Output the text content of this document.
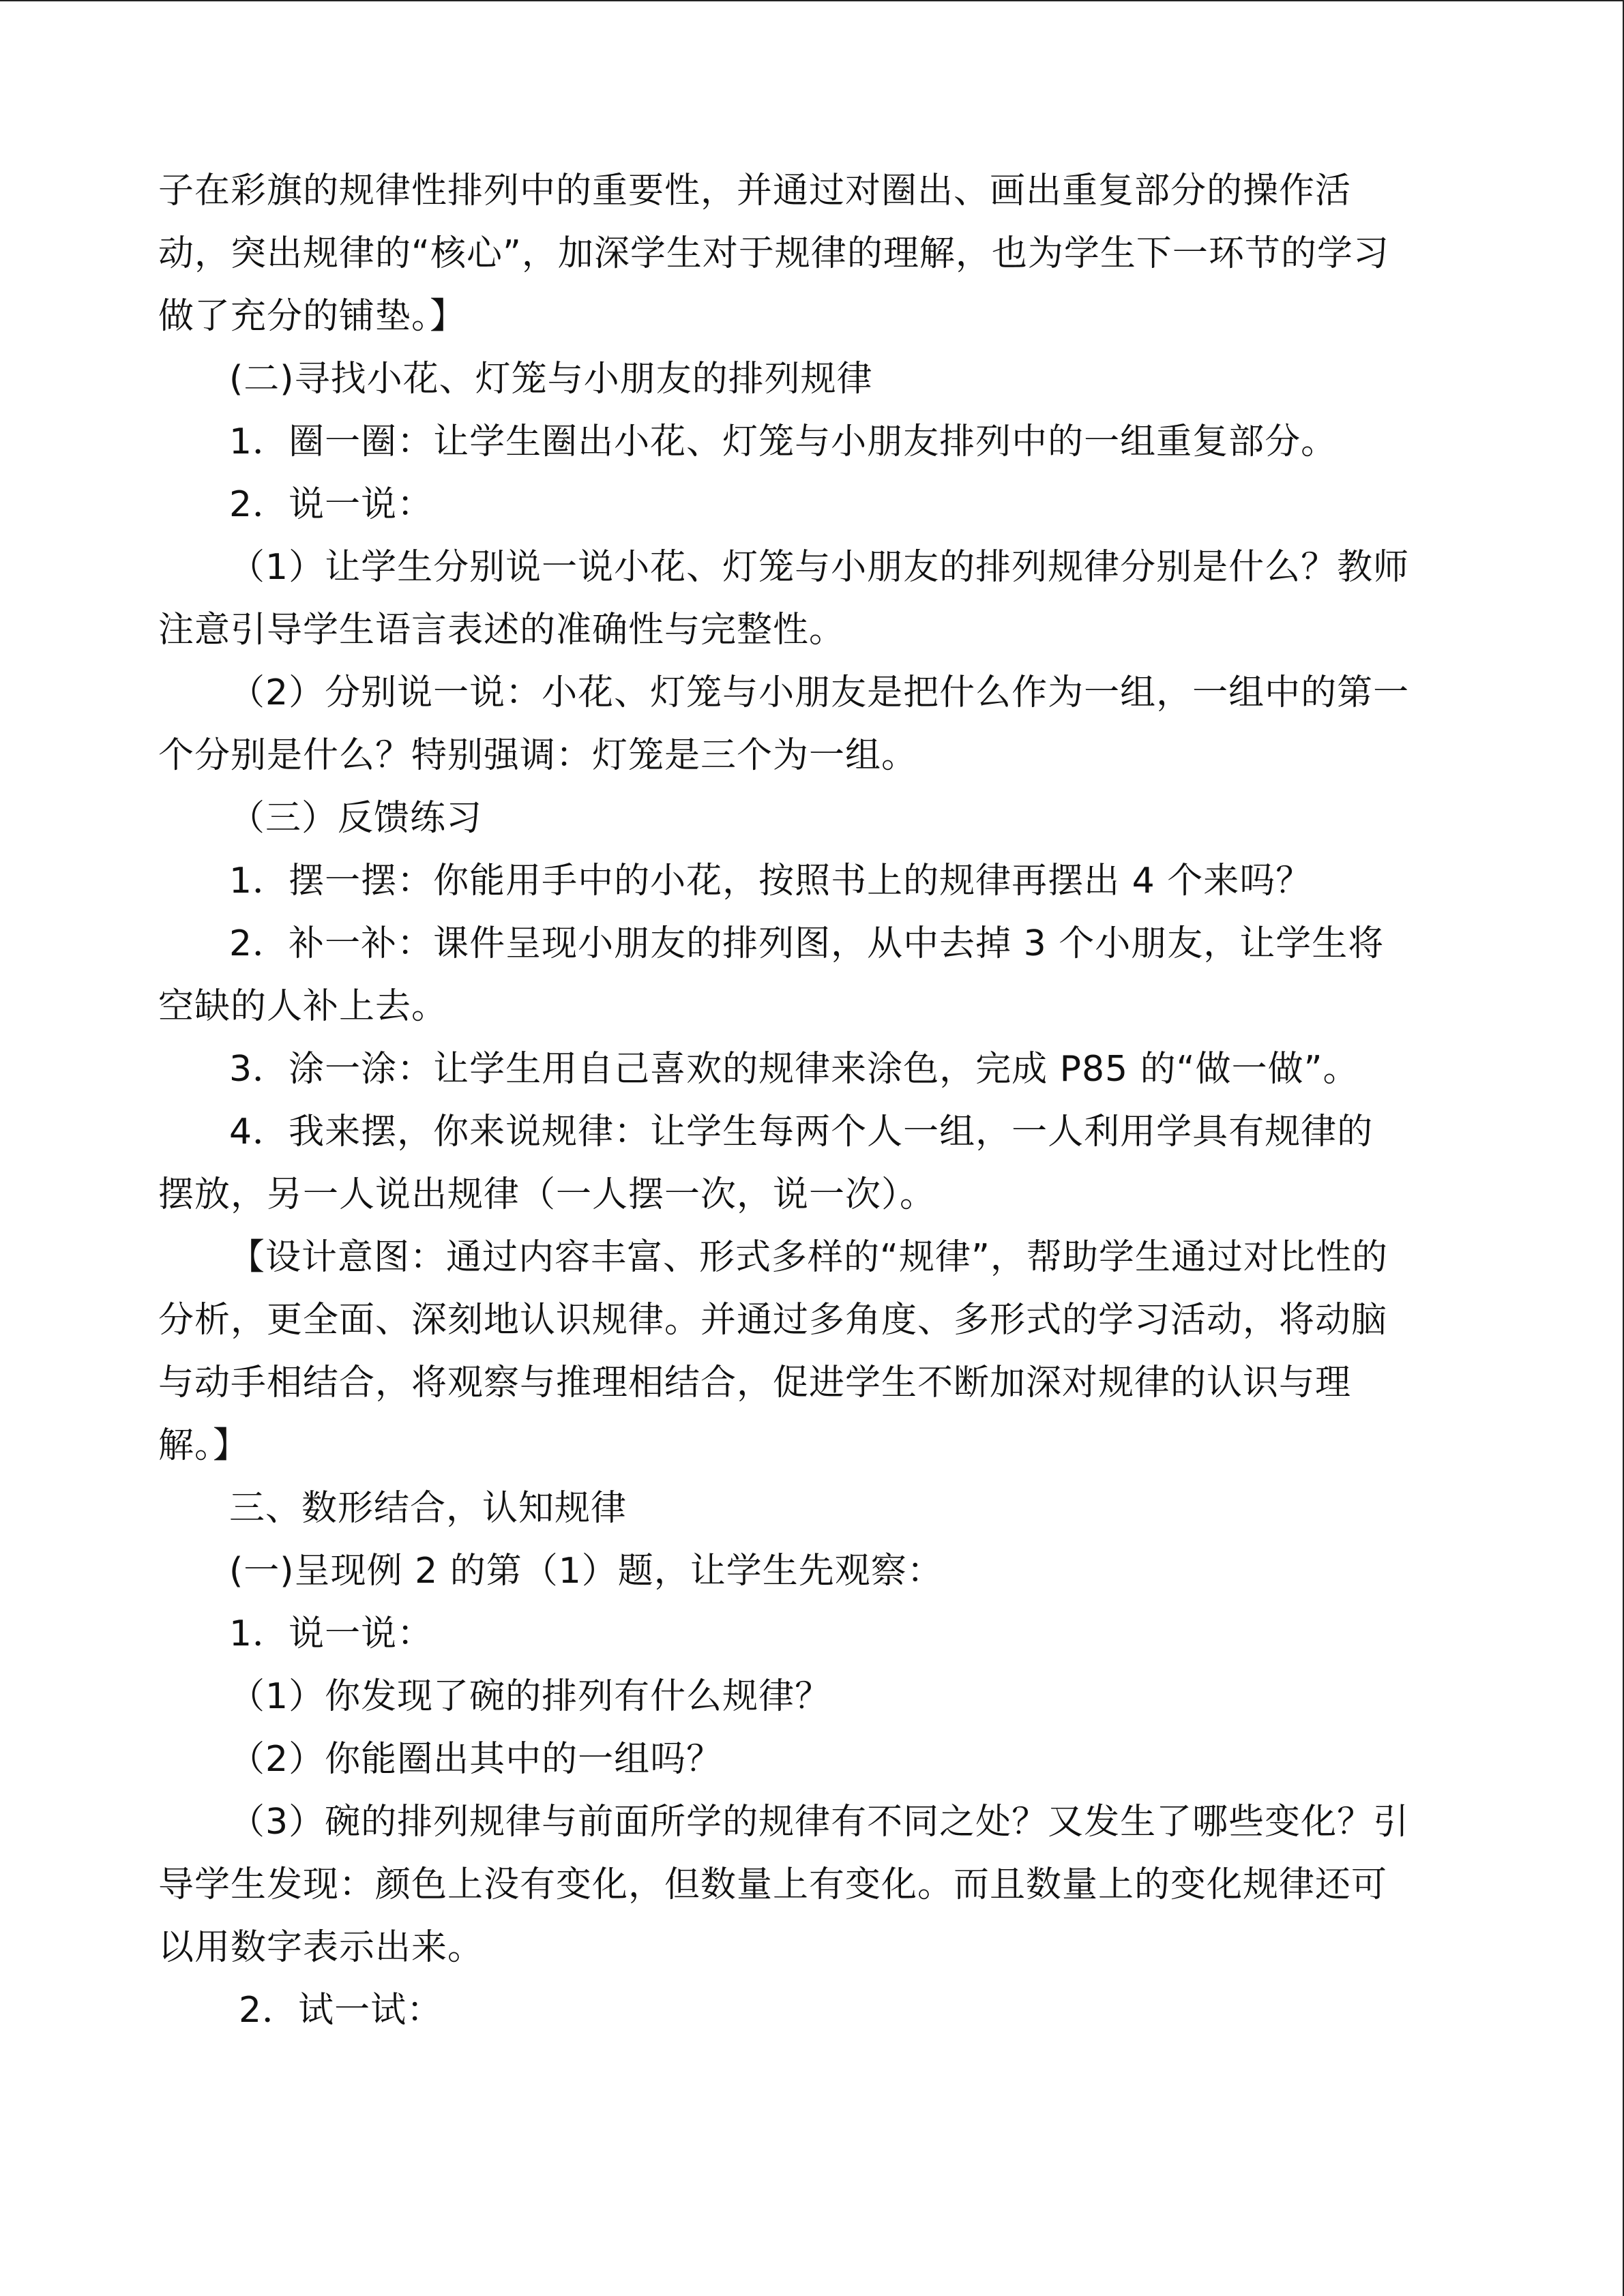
子在彩旗的规律性排列中的重要性，并通过对圈出、画出重复部分的操作活

动，突出规律的“核心”，加深学生对于规律的理解，也为学生下一环节的学习

做了充分的铺垫。】

(二)寻找小花、灯笼与小朋友的排列规律

1．圈一圈：让学生圈出小花、灯笼与小朋友排列中的一组重复部分。

2．说一说：

（1）让学生分别说一说小花、灯笼与小朋友的排列规律分别是什么？教师

注意引导学生语言表述的准确性与完整性。

（2）分别说一说：小花、灯笼与小朋友是把什么作为一组，一组中的第一

个分别是什么？特别强调：灯笼是三个为一组。

（三）反馈练习

1．摆一摆：你能用手中的小花，按照书上的规律再摆出 4 个来吗？

2．补一补：课件呈现小朋友的排列图，从中去掉 3 个小朋友，让学生将

空缺的人补上去。

3．涂一涂：让学生用自己喜欢的规律来涂色，完成 P85 的“做一做”。

4．我来摆，你来说规律：让学生每两个人一组，一人利用学具有规律的

摆放，另一人说出规律（一人摆一次，说一次）。

【设计意图：通过内容丰富、形式多样的“规律”，帮助学生通过对比性的

分析，更全面、深刻地认识规律。并通过多角度、多形式的学习活动，将动脑

与动手相结合，将观察与推理相结合，促进学生不断加深对规律的认识与理

解。】

三、数形结合，认知规律

(一)呈现例 2 的第（1）题，让学生先观察：

1．说一说：

（1）你发现了碗的排列有什么规律？

（2）你能圈出其中的一组吗？

（3）碗的排列规律与前面所学的规律有不同之处？又发生了哪些变化？引

导学生发现：颜色上没有变化，但数量上有变化。而且数量上的变化规律还可

以用数字表示出来。

2．试一试：
